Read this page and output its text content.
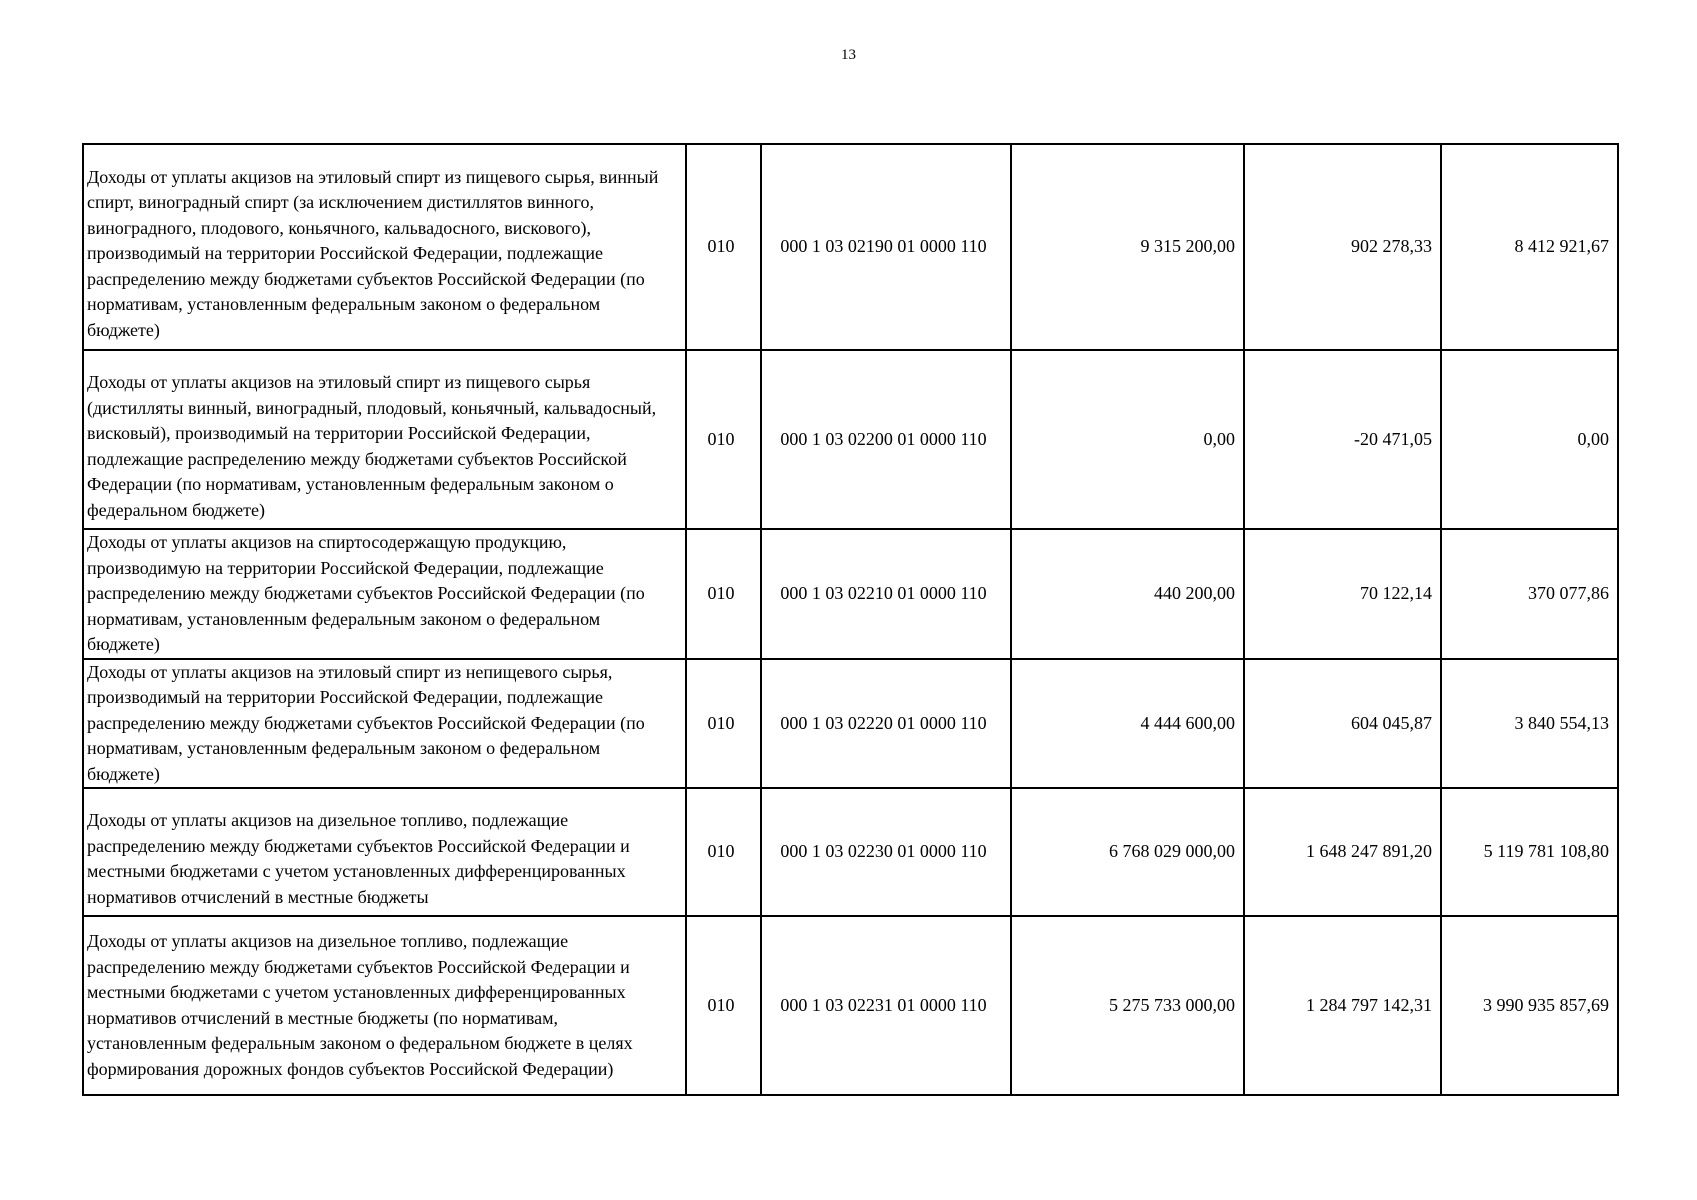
13
Доходы от уплаты акцизов на этиловый спирт из пищевого сырья, винный спирт, виноградный спирт (за исключением дистиллятов винного, виноградного, плодового, коньячного, кальвадосного, вискового), производимый на территории Российской Федерации, подлежащие распределению между бюджетами субъектов Российской Федерации (по нормативам, установленным федеральным законом о федеральном бюджете)	010	000 1 03 02190 01 0000 110	9 315 200,00	902 278,33	8 412 921,67
Доходы от уплаты акцизов на этиловый спирт из пищевого сырья (дистилляты винный, виноградный, плодовый, коньячный, кальвадосный, висковый), производимый на территории Российской Федерации, подлежащие распределению между бюджетами субъектов Российской Федерации (по нормативам, установленным федеральным законом о федеральном бюджете)	010	000 1 03 02200 01 0000 110	0,00	-20 471,05	0,00
Доходы от уплаты акцизов на спиртосодержащую продукцию, производимую на территории Российской Федерации, подлежащие распределению между бюджетами субъектов Российской Федерации (по нормативам, установленным федеральным законом о федеральном бюджете)	010	000 1 03 02210 01 0000 110	440 200,00	70 122,14	370 077,86
Доходы от уплаты акцизов на этиловый спирт из непищевого сырья, производимый на территории Российской Федерации, подлежащие распределению между бюджетами субъектов Российской Федерации (по нормативам, установленным федеральным законом о федеральном бюджете)	010	000 1 03 02220 01 0000 110	4 444 600,00	604 045,87	3 840 554,13
Доходы от уплаты акцизов на дизельное топливо, подлежащие распределению между бюджетами субъектов Российской Федерации и местными бюджетами с учетом установленных дифференцированных нормативов отчислений в местные бюджеты	010	000 1 03 02230 01 0000 110	6 768 029 000,00	1 648 247 891,20	5 119 781 108,80
Доходы от уплаты акцизов на дизельное топливо, подлежащие распределению между бюджетами субъектов Российской Федерации и местными бюджетами с учетом установленных дифференцированных нормативов отчислений в местные бюджеты (по нормативам, установленным федеральным законом о федеральном бюджете в целях формирования дорожных фондов субъектов Российской Федерации)	010	000 1 03 02231 01 0000 110	5 275 733 000,00	1 284 797 142,31	3 990 935 857,69
